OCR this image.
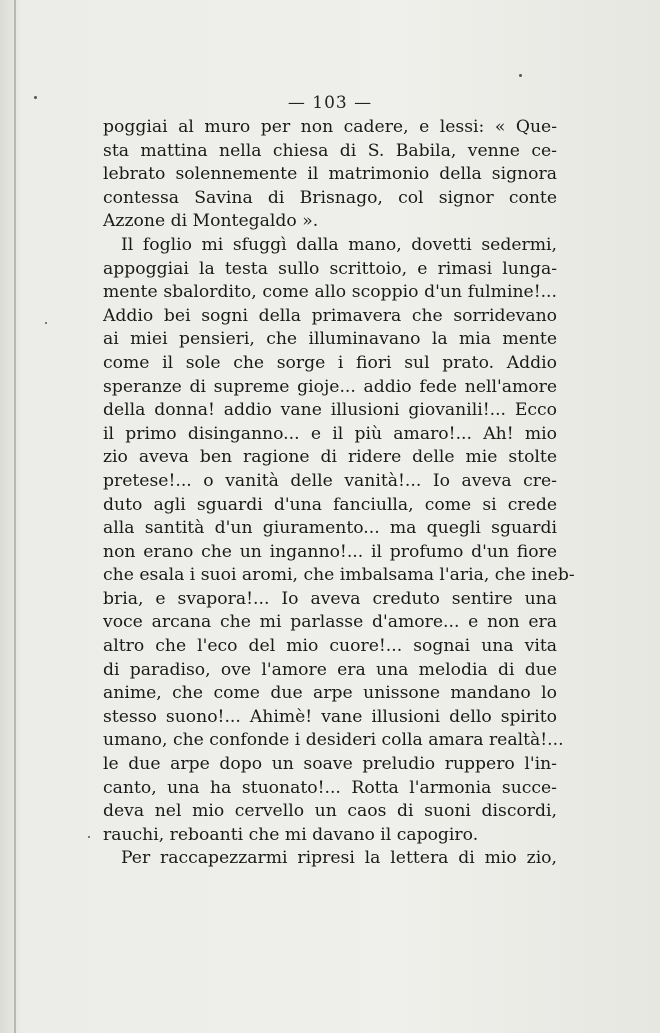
— 103 —
poggiai al muro per non cadere, e lessi: « Que-
sta mattina nella chiesa di S. Babila, venne ce-
lebrato solennemente il matrimonio della signora
contessa Savina di Brisnago, col signor conte
Azzone di Montegaldo ».
Il foglio mi sfuggì dalla mano, dovetti sedermi,
appoggiai la testa sullo scrittoio, e rimasi lunga-
mente sbalordito, come allo scoppio d'un fulmine!...
Addio bei sogni della primavera che sorridevano
ai miei pensieri, che illuminavano la mia mente
come il sole che sorge i fiori sul prato. Addio
speranze di supreme gioje... addio fede nell'amore
della donna! addio vane illusioni giovanili!... Ecco
il primo disinganno... e il più amaro!... Ah! mio
zio aveva ben ragione di ridere delle mie stolte
pretese!... o vanità delle vanità!... Io aveva cre-
duto agli sguardi d'una fanciulla, come si crede
alla santità d'un giuramento... ma quegli sguardi
non erano che un inganno!... il profumo d'un fiore
che esala i suoi aromi, che imbalsama l'aria, che ineb-
bria, e svapora!... Io aveva creduto sentire una
voce arcana che mi parlasse d'amore... e non era
altro che l'eco del mio cuore!... sognai una vita
di paradiso, ove l'amore era una melodia di due
anime, che come due arpe unissone mandano lo
stesso suono!... Ahimè! vane illusioni dello spirito
umano, che confonde i desideri colla amara realtà!...
le due arpe dopo un soave preludio ruppero l'in-
canto, una ha stuonato!... Rotta l'armonia succe-
deva nel mio cervello un caos di suoni discordi,
rauchi, reboanti che mi davano il capogiro.
Per raccapezzarmi ripresi la lettera di mio zio,
